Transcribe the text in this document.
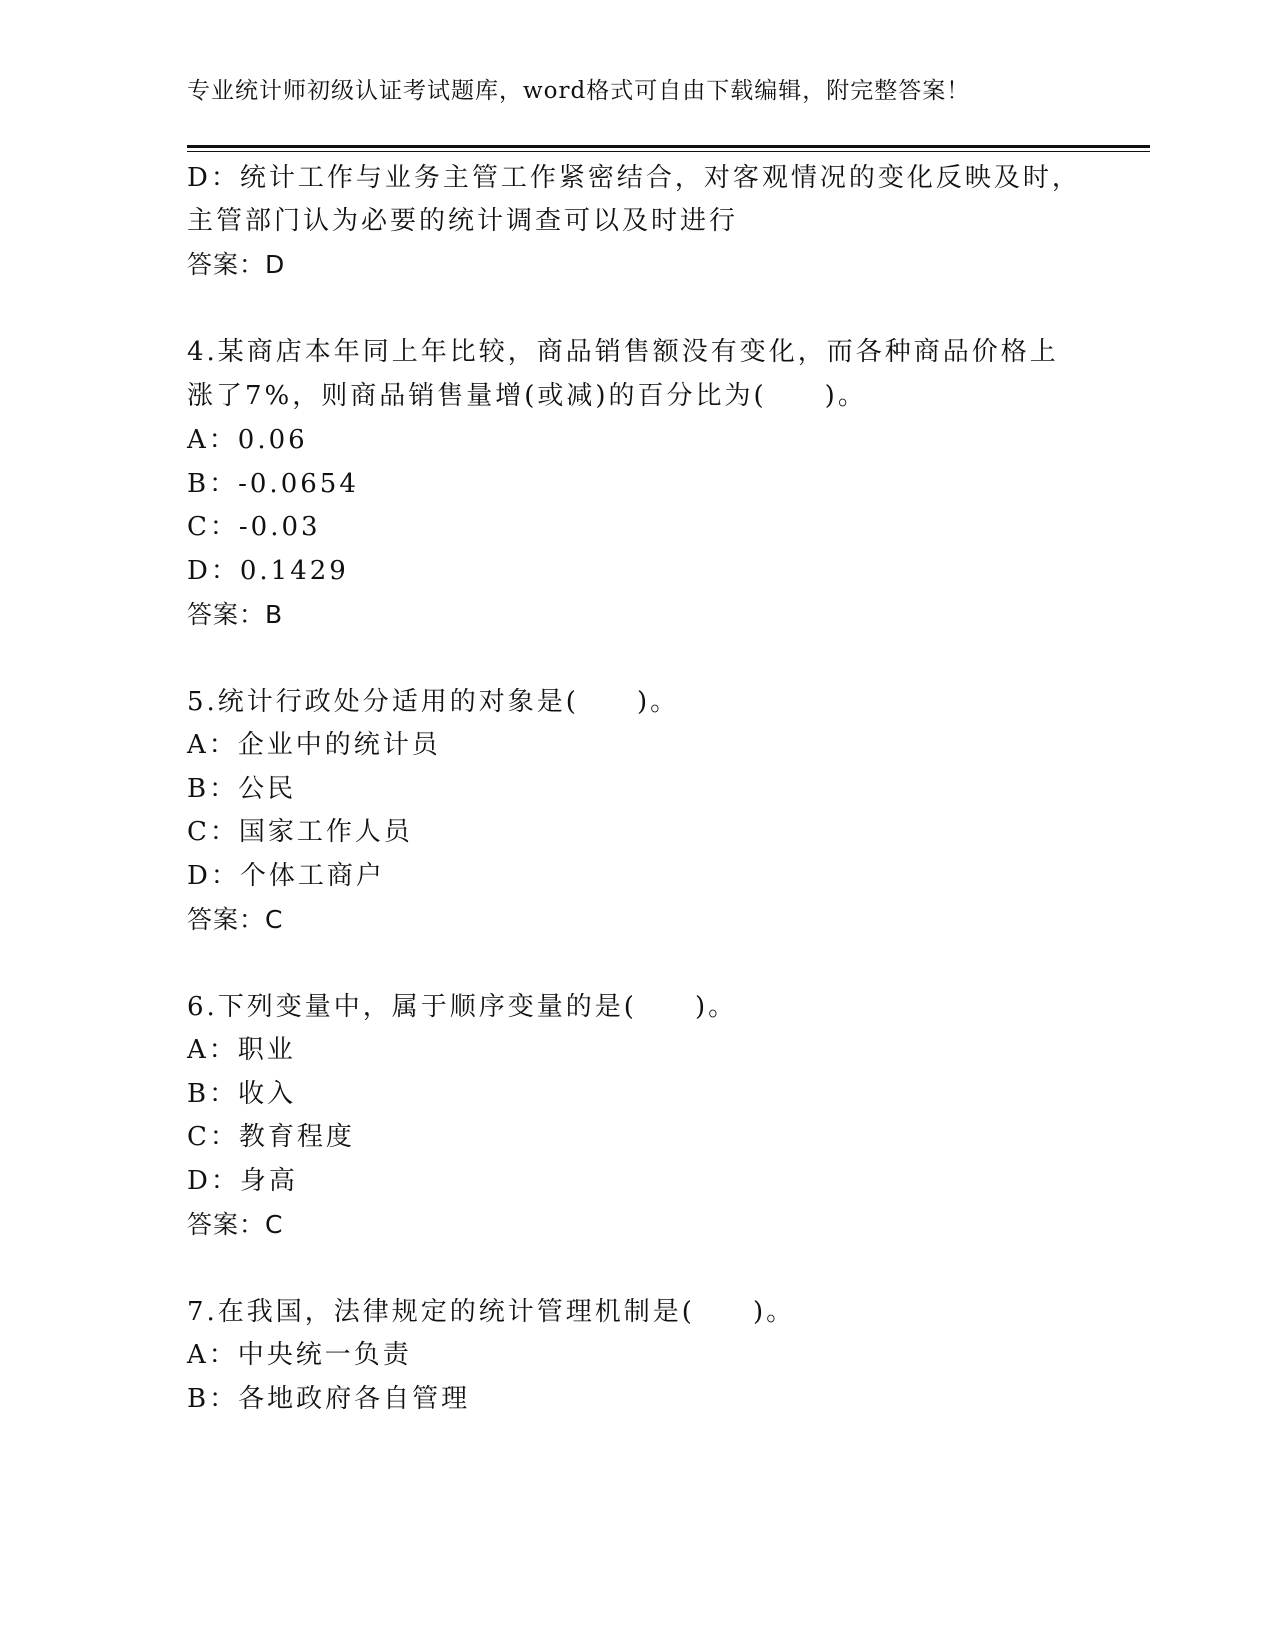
专业统计师初级认证考试题库，word格式可自由下载编辑，附完整答案！
D：统计工作与业务主管工作紧密结合，对客观情况的变化反映及时，
主管部门认为必要的统计调查可以及时进行
答案：D
4.某商店本年同上年比较，商品销售额没有变化，而各种商品价格上
涨了7%，则商品销售量增(或减)的百分比为(　　)。
A：0.06
B：-0.0654
C：-0.03
D：0.1429
答案：B
5.统计行政处分适用的对象是(　　)。
A：企业中的统计员
B：公民
C：国家工作人员
D：个体工商户
答案：C
6.下列变量中，属于顺序变量的是(　　)。
A：职业
B：收入
C：教育程度
D：身高
答案：C
7.在我国，法律规定的统计管理机制是(　　)。
A：中央统一负责
B：各地政府各自管理
